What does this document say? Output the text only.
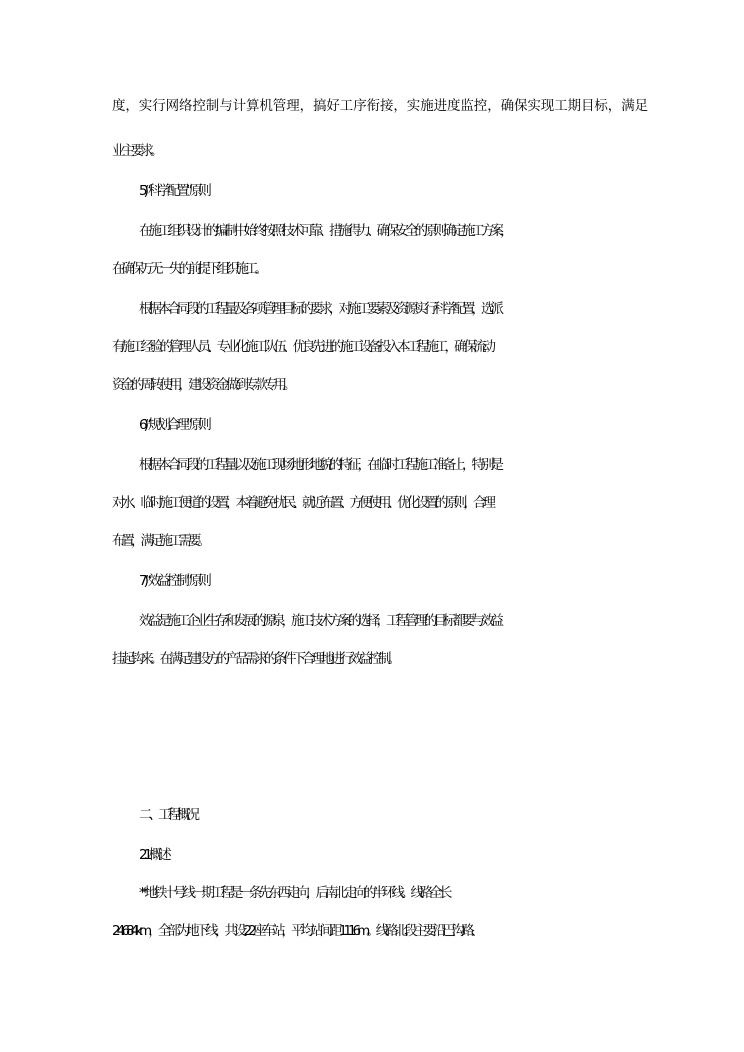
度，实行网络控制与计算机管理，搞好工序衔接，实施进度监控，确保实现工期目标，满足
业主要求。
5)“科学配置”原则
在施工组织设计的编制中始终按照技术可靠、措施得力、确保安全的原则确定施工方案，
在确保万无一失的前提下组织施工。
根据本合同段的工程量及各项管理目标的要求，对施工要素及资源实行科学配置，选派
有施工经验的管理人员、专业化施工队伍、优良先进的施工设备投入本工程施工，确保流动
资金的周转使用，建设资金做到专款专用。
6)“规划合理”原则
根据本合同段的工程量以及施工现场地形地貌的特征，在临时工程施工准备上，特别是
对水、临时施工便道的设置，本着避免扰民、就近布置、方便使用、优化设置的原则，合理
布置，满足施工需要。
7)“效益控制”原则
效益是施工企业生存和发展的源泉，施工技术方案的选择，工程管理的目标都要与效益
挂起钩来。在满足建设方的产品需求的条件下合理地进行效益控制。
二、工程概况
2.1 概述
**地铁十号线一期工程是一条先东西走向，后南北走向的半环线。线路全长
24.684km，全部为地下线，共设 22 座车站，平均站间距 1116m。线路北段主要沿巴沟路、
